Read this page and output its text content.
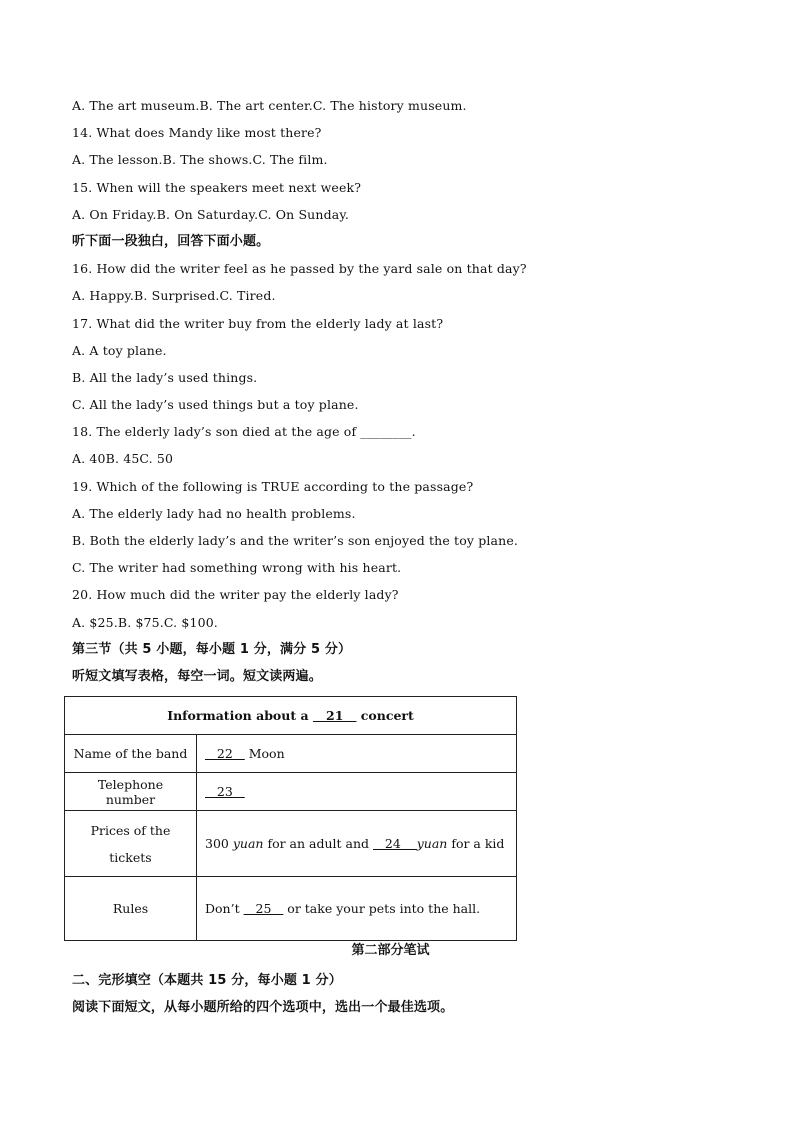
A. The art museum.B. The art center.C. The history museum.
14. What does Mandy like most there?
A. The lesson.B. The shows.C. The film.
15. When will the speakers meet next week?
A. On Friday.B. On Saturday.C. On Sunday.
听下面一段独白，回答下面小题。
16. How did the writer feel as he passed by the yard sale on that day?
A. Happy.B. Surprised.C. Tired.
17. What did the writer buy from the elderly lady at last?
A. A toy plane.
B. All the lady’s used things.
C. All the lady’s used things but a toy plane.
18. The elderly lady’s son died at the age of ________.
A. 40B. 45C. 50
19. Which of the following is TRUE according to the passage?
A. The elderly lady had no health problems.
B. Both the elderly lady’s and the writer’s son enjoyed the toy plane.
C. The writer had something wrong with his heart.
20. How much did the writer pay the elderly lady?
A. $25.B. $75.C. $100.
第三节（共 5 小题，每小题 1 分，满分 5 分）
听短文填写表格，每空一词。短文读两遍。
Information about a    21    concert	
Name of the band	22    Moon
Telephone number	23
Prices of the tickets	300 yuan for an adult and    24    yuan for a kid
Rules	Don’t    25    or take your pets into the hall.
第二部分笔试
二、完形填空（本题共 15 分，每小题 1 分）
阅读下面短文，从每小题所给的四个选项中，选出一个最佳选项。
